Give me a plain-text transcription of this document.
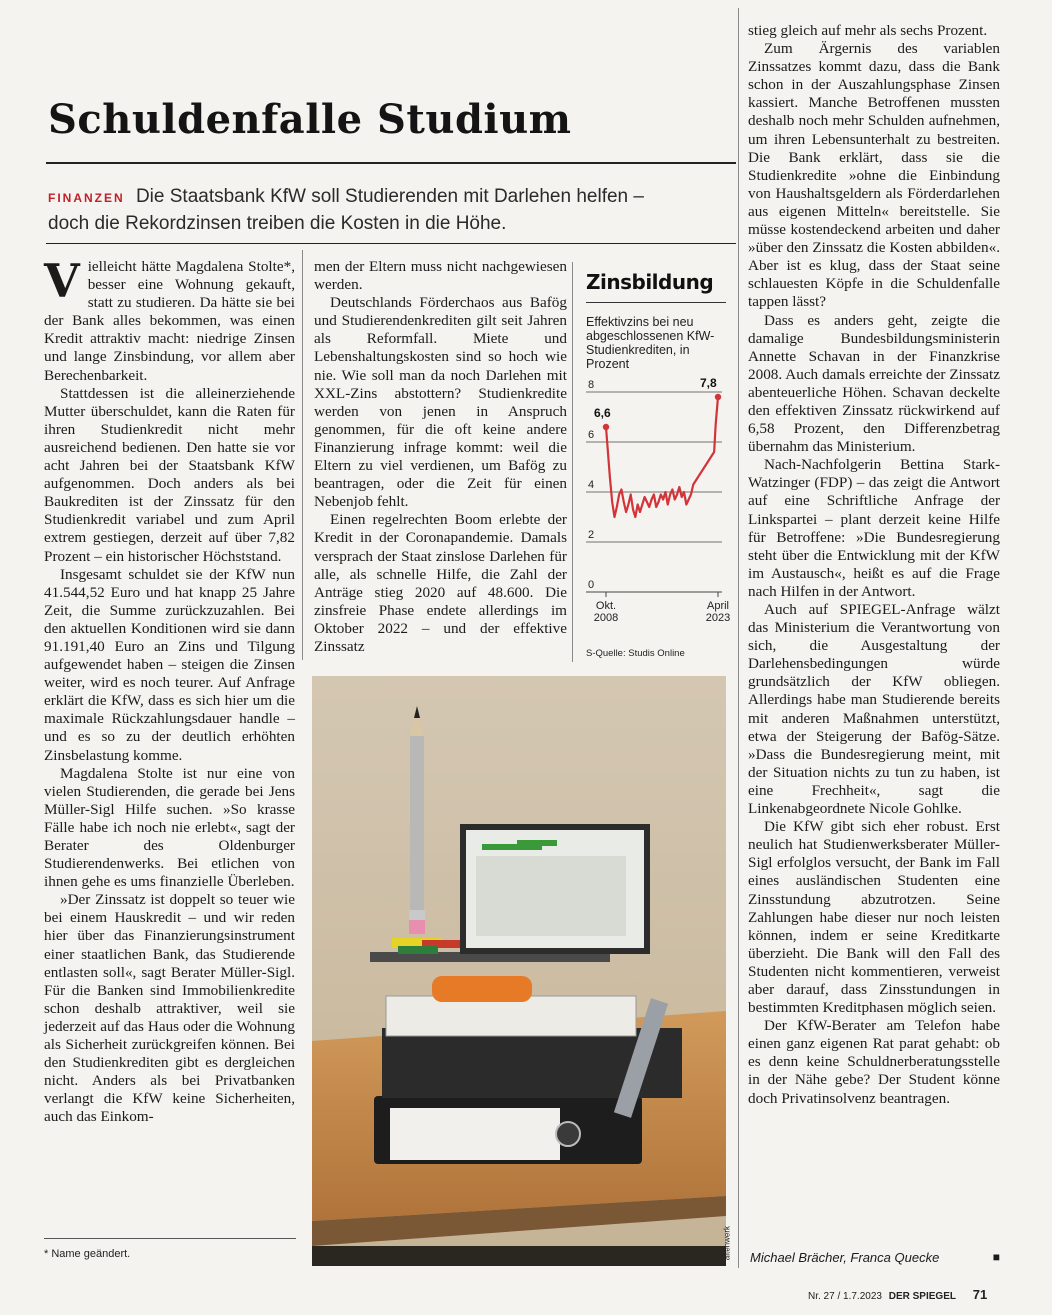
Schuldenfalle Studium
FINANZEN Die Staatsbank KfW soll Studierenden mit Darlehen helfen –
doch die Rekordzinsen treiben die Kosten in die Höhe.

Vielleicht hätte Magdalena Stolte*, besser eine Wohnung gekauft, statt zu studieren. Da hätte sie bei der Bank alles bekommen, was einen Kredit attraktiv macht: niedrige Zinsen und lange Zinsbindung, vor allem aber Berechenbarkeit.

Stattdessen ist die alleinerziehende Mutter überschuldet, kann die Raten für ihren Studienkredit nicht mehr ausreichend bedienen. Den hatte sie vor acht Jahren bei der Staatsbank KfW aufgenommen. Doch anders als bei Baukrediten ist der Zinssatz für den Studienkredit variabel und zum April extrem gestiegen, derzeit auf über 7,82 Prozent – ein historischer Höchststand.

Insgesamt schuldet sie der KfW nun 41.544,52 Euro und hat knapp 25 Jahre Zeit, die Summe zurückzuzahlen. Bei den aktuellen Konditionen wird sie dann 91.191,40 Euro an Zins und Tilgung aufgewendet haben – steigen die Zinsen weiter, wird es noch teurer. Auf Anfrage erklärt die KfW, dass es sich hier um die maximale Rückzahlungsdauer handle – und es so zu der deutlich erhöhten Zinsbelastung komme.

Magdalena Stolte ist nur eine von vielen Studierenden, die gerade bei Jens Müller-Sigl Hilfe suchen. »So krasse Fälle habe ich noch nie erlebt«, sagt der Berater des Oldenburger Studierendenwerks. Bei etlichen von ihnen gehe es ums finanzielle Überleben.

»Der Zinssatz ist doppelt so teuer wie bei einem Hauskredit – und wir reden hier über das Finanzierungsinstrument einer staatlichen Bank, das Studierende entlasten soll«, sagt Berater Müller-Sigl. Für die Banken sind Immobilienkredite schon deshalb attraktiver, weil sie jederzeit auf das Haus oder die Wohnung als Sicherheit zurückgreifen können. Bei den Studienkrediten gibt es dergleichen nicht. Anders als bei Privatbanken verlangt die KfW keine Sicherheiten, auch das Einkom-

men der Eltern muss nicht nachgewiesen werden.

Deutschlands Förderchaos aus Bafög und Studierendenkrediten gilt seit Jahren als Reformfall. Miete und Lebenshaltungskosten sind so hoch wie nie. Wie soll man da noch Darlehen mit XXL-Zins abstottern? Studienkredite werden von jenen in Anspruch genommen, für die oft keine andere Finanzierung infrage kommt: weil die Eltern zu viel verdienen, um Bafög zu beantragen, oder die Zeit für einen Nebenjob fehlt.

Einen regelrechten Boom erlebte der Kredit in der Coronapandemie. Damals versprach der Staat zinslose Darlehen für alle, als schnelle Hilfe, die Zahl der Anträge stieg 2020 auf 48.600. Die zinsfreie Phase endete allerdings im Oktober 2022 – und der effektive Zinssatz

Zinsbildung
Effektivzins bei neu abgeschlossenen KfW-Studienkrediten, in Prozent
0
2
4
6
8
6,6
7,8
Okt.
2008
April
2023
S-Quelle: Studis Online
altenwerk

stieg gleich auf mehr als sechs Prozent.

Zum Ärgernis des variablen Zinssatzes kommt dazu, dass die Bank schon in der Auszahlungsphase Zinsen kassiert. Manche Betroffenen mussten deshalb noch mehr Schulden aufnehmen, um ihren Lebensunterhalt zu bestreiten. Die Bank erklärt, dass sie die Studienkredite »ohne die Einbindung von Haushaltsgeldern als Förderdarlehen aus eigenen Mitteln« bereitstelle. Sie müsse kostendeckend arbeiten und daher »über den Zinssatz die Kosten abbilden«. Aber ist es klug, dass der Staat seine schlauesten Köpfe in die Schuldenfalle tappen lässt?

Dass es anders geht, zeigte die damalige Bundesbildungsministerin Annette Schavan in der Finanzkrise 2008. Auch damals erreichte der Zinssatz abenteuerliche Höhen. Schavan deckelte den effektiven Zinssatz rückwirkend auf 6,58 Prozent, den Differenzbetrag übernahm das Ministerium.

Nach-Nachfolgerin Bettina Stark-Watzinger (FDP) – das zeigt die Antwort auf eine Schriftliche Anfrage der Linkspartei – plant derzeit keine Hilfe für Betroffene: »Die Bundesregierung steht über die Entwicklung mit der KfW im Austausch«, heißt es auf die Frage nach Hilfen in der Antwort.

Auch auf SPIEGEL-Anfrage wälzt das Ministerium die Verantwortung von sich, die Ausgestaltung der Darlehensbedingungen würde grundsätzlich der KfW obliegen. Allerdings habe man Studierende bereits mit anderen Maßnahmen unterstützt, etwa der Steigerung der Bafög-Sätze. »Dass die Bundesregierung meint, mit der Situation nichts zu tun zu haben, ist eine Frechheit«, sagt die Linkenabgeordnete Nicole Gohlke.

Die KfW gibt sich eher robust. Erst neulich hat Studienwerksberater Müller-Sigl erfolglos versucht, der Bank im Fall eines ausländischen Studenten eine Zinsstundung abzutrotzen. Seine Zahlungen habe dieser nur noch leisten können, indem er seine Kreditkarte überzieht. Die Bank will den Fall des Studenten nicht kommentieren, verweist aber darauf, dass Zinsstundungen in bestimmten Kreditphasen möglich seien.

Der KfW-Berater am Telefon habe einen ganz eigenen Rat parat gehabt: ob es denn keine Schuldnerberatungsstelle in der Nähe gebe? Der Student könne doch Privatinsolvenz beantragen.

Michael Brächer, Franca Quecke	■
* Name geändert.
Nr. 27 / 1.7.2023 DER SPIEGEL 71
